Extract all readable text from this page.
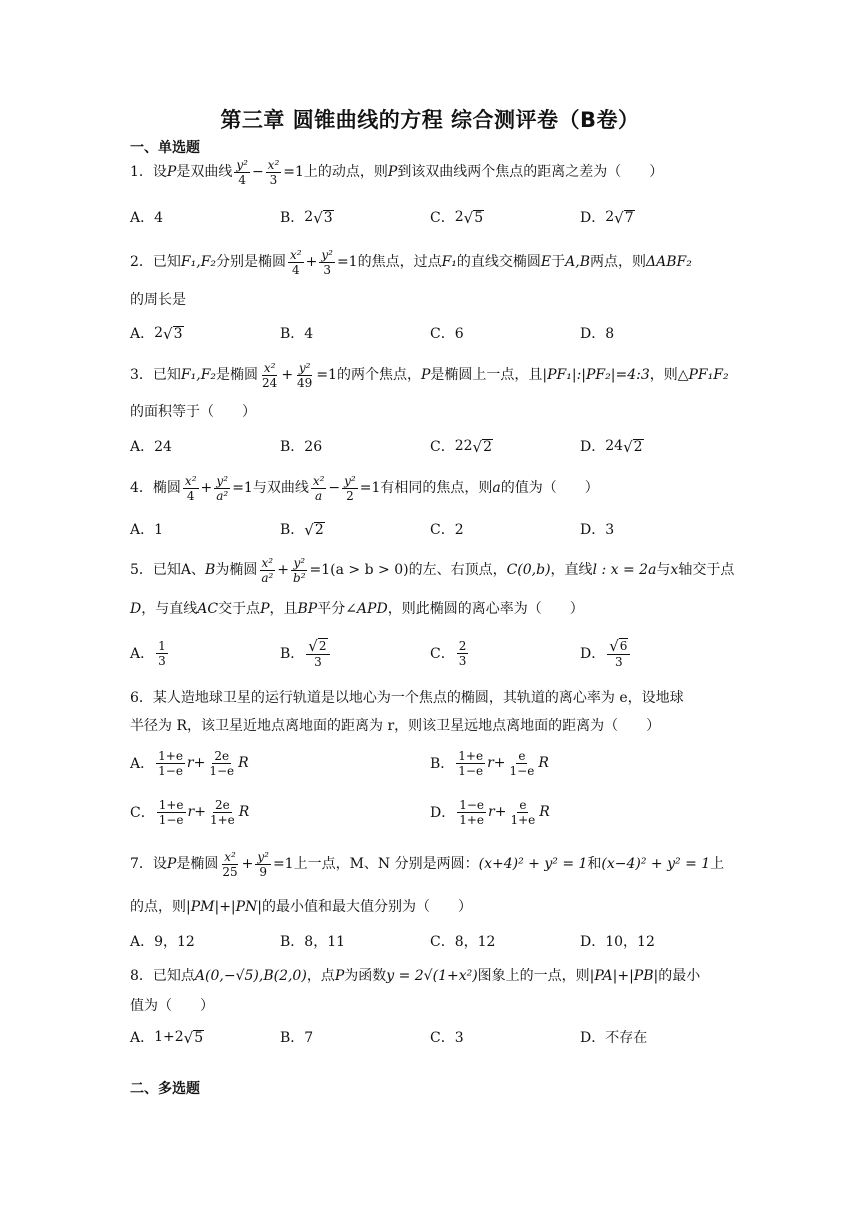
第三章 圆锥曲线的方程 综合测评卷（B卷）
一、单选题
1．设 P 是双曲线 $\frac{\text{y²}}{4} - \frac{\text{x²}}{3} =1$上的动点，则 P 到该双曲线两个焦点的距离之差为（　　）
A．4	B． 2 √ 3	C． 2 √ 5	D． 2 √ 7
2．已知 F₁,F₂ 分别是椭圆 $\frac{\text{x²}}{4} + \frac{\text{y²}}{3} =1$的焦点，过点 F₁ 的直线交椭圆 E 于 A,B 两点，则 ΔABF₂
的周长是
A． 2 √ 3	B．4	C．6	D．8
3．已知 F₁,F₂ 是椭圆 $\frac{\text{x²}}{24} + \frac{\text{y²}}{49} =1$的两个焦点， P 是椭圆上一点，且 |PF₁|:|PF₂|=4:3 ，则 △PF₁F₂
的面积等于（　　）
A．24	B．26	C． 22 √ 2	D． 24 √ 2
4．椭圆 $\frac{\text{x²}}{4} + \frac{\text{y²}}{\text{a²}} =1$与双曲线 $\frac{\text{x²}}{a} - \frac{\text{y²}}{2} =1$有相同的焦点，则 a 的值为（　　）
A．1	B． √ 2	C．2	D．3
5．已知A、 B 为椭圆 $\frac{\text{x²}}{\text{a²}} + \frac{\text{y²}}{\text{b²}} =1(a > b > 0)$的左、右顶点， C(0,b) ，直线 l : x = 2a 与 x 轴交于点
D ，与直线 AC 交于点 P ，且 BP 平分 ∠APD ，则此椭圆的离心率为（　　）
A． $\frac{1}{3}$	B． $\frac{√ 2}{3}$	C． $\frac{2}{3}$	D． $\frac{√ 6}{3}$
6．某人造地球卫星的运行轨道是以地心为一个焦点的椭圆，其轨道的离心率为 e，设地球
半径为 R，该卫星近地点离地面的距离为 r，则该卫星远地点离地面的距离为（　　）
A． $\frac{1+e}{1-e} r+ \frac{2e}{1-e}$ R	B． $\frac{1+e}{1-e} r+ \frac{e}{1-e}$ R
C． $\frac{1+e}{1-e} r+ \frac{2e}{1+e}$ R	D． $\frac{1-e}{1+e} r+ \frac{e}{1+e}$ R
7．设 P 是椭圆 $\frac{\text{x²}}{25} + \frac{\text{y²}}{9} =1$上一点，M、N 分别是两圆： (x+4)² + y² = 1 和 (x−4)² + y² = 1 上
的点，则 |PM|+|PN| 的最小值和最大值分别为（　　）
A．9，12	B．8，11	C．8，12	D．10，12
8．已知点 A(0,−√5),B(2,0) ，点 P 为函数 y = 2√(1+x²) 图象上的一点，则 |PA|+|PB| 的最小
值为（　　）
A． 1+2 √ 5	B．7	C．3	D．不存在
二、多选题
